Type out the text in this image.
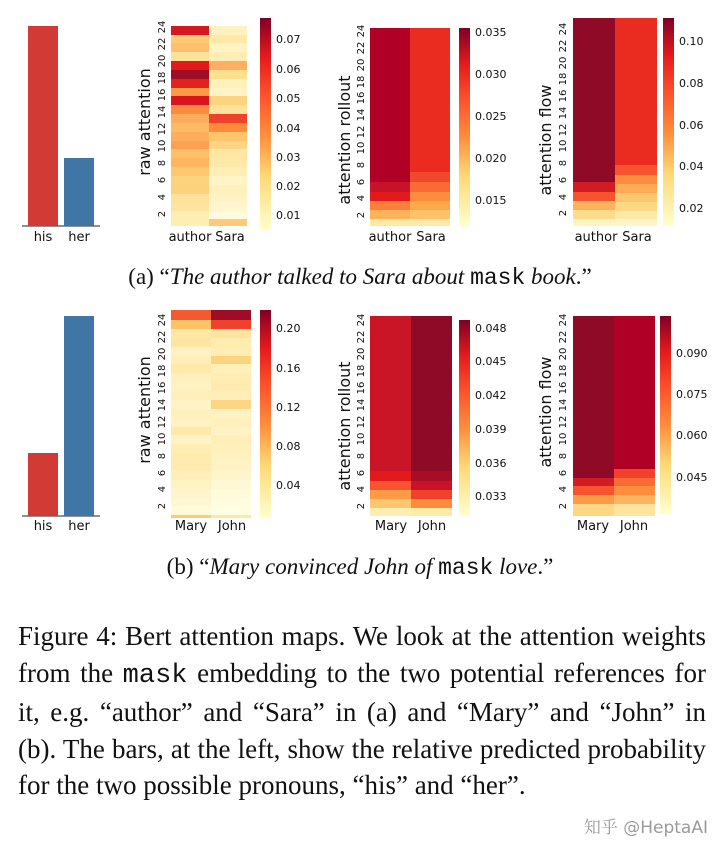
his her
raw attention
2
4
6
8
10
12
14
16
18
20
22
24
author Sara
0.07
0.06
0.05
0.04
0.03
0.02
0.01
attention rollout
2
4
6
8
10
12
14
16
18
20
22
24
author Sara
0.035
0.030
0.025
0.020
0.015
attention flow
2
4
6
8
10
12
14
16
18
20
22
24
author Sara
0.10
0.08
0.06
0.04
0.02
(a) “The author talked to Sara about mask book.”
his her
raw attention
2
4
6
8
10
12
14
16
18
20
22
24
Mary John
0.20
0.16
0.12
0.08
0.04 attention rollout
2
4
6
8
10
12
14
16
18
20
22
24
Mary John
0.048
0.045
0.042
0.039
0.036
0.033
attention flow
2
4
6
8
10
12
14
16
18
20
22
24
Mary John
0.090
0.075
0.060
0.045
(b) “Mary convinced John of mask love.”
Figure 4: Bert attention maps. We look at the attention weights from the mask embedding to the two potential references for it, e.g. “author” and “Sara” in (a) and “Mary” and “John” in (b). The bars, at the left, show the relative predicted probability for the two possible pronouns, “his” and “her”.
知乎 @HeptaAI
